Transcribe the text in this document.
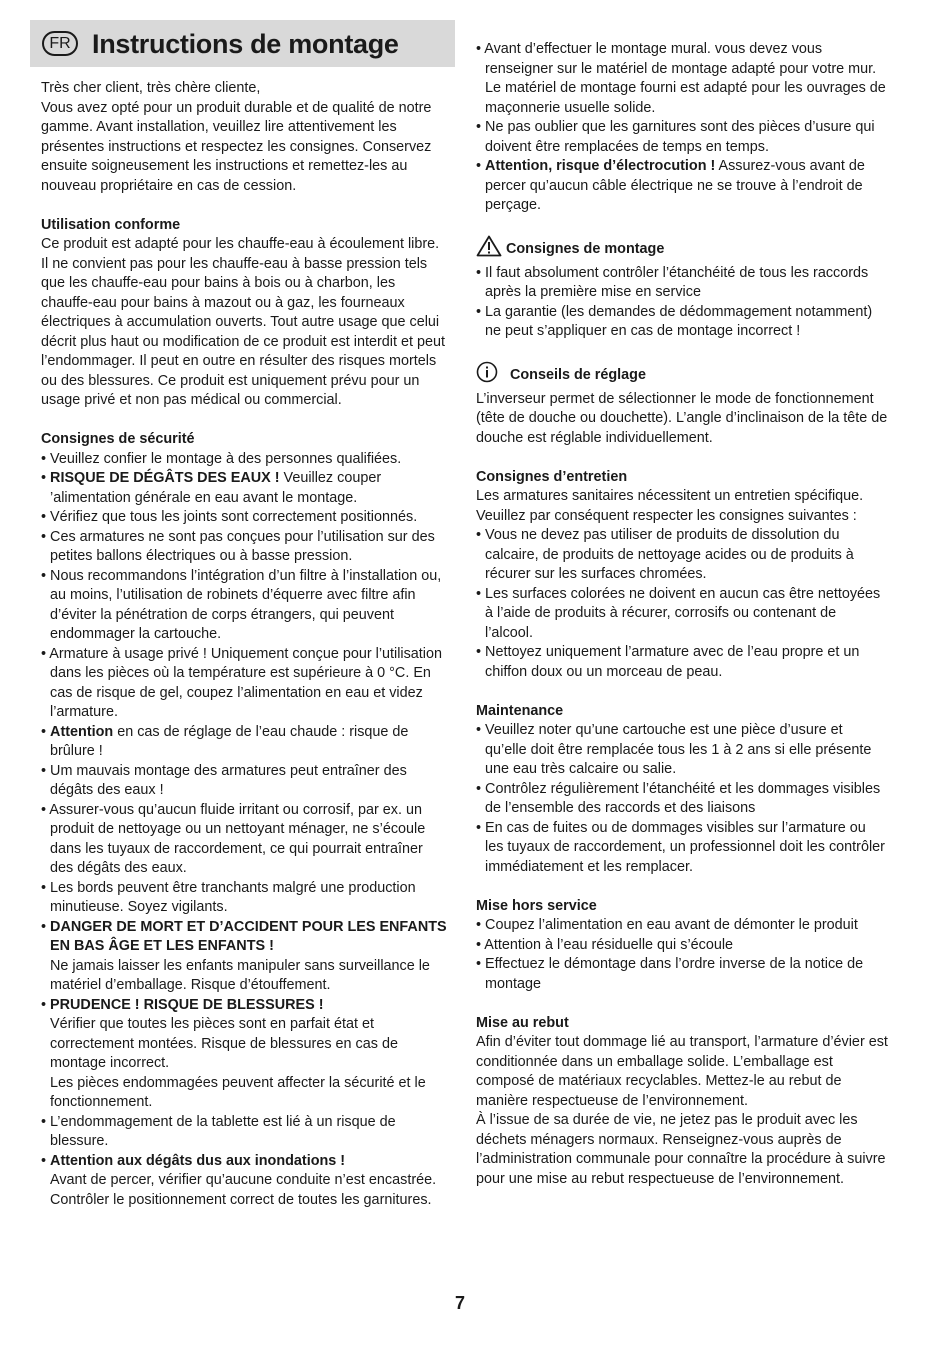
FR Instructions de montage

Très cher client, très chère cliente,

Vous avez opté pour un produit durable et de qualité de notre gamme. Avant installation, veuillez lire attentivement les présentes instructions et respectez les consignes. Conservez ensuite soigneusement les instructions et remettez-les au nouveau propriétaire en cas de cession.

Utilisation conforme

Ce produit est adapté pour les chauffe-eau à écoulement libre. Il ne convient pas pour les chauffe-eau à basse pression tels que les chauffe-eau pour bains à bois ou à charbon, les chauffe-eau pour bains à mazout ou à gaz, les fourneaux électriques à accumulation ouverts. Tout autre usage que celui décrit plus haut ou modification de ce produit est interdit et peut l’endommager. Il peut en outre en résulter des risques mortels ou des blessures. Ce produit est uniquement prévu pour un usage privé et non pas médical ou commercial.

Consignes de sécurité

• Veuillez confier le montage à des personnes qualifiées.
• RISQUE DE DÉGÂTS DES EAUX ! Veuillez couper ’alimentation générale en eau avant le montage.
• Vérifiez que tous les joints sont correctement positionnés.
• Ces armatures ne sont pas conçues pour l’utilisation sur des petites ballons électriques ou à basse pression.
• Nous recommandons l’intégration d’un filtre à l’installation ou, au moins, l’utilisation de robinets d’équerre avec filtre afin d’éviter la pénétration de corps étrangers, qui peuvent endommager la cartouche.
• Armature à usage privé ! Uniquement conçue pour l’utilisation dans les pièces où la température est supérieure à 0 °C. En cas de risque de gel, coupez l’alimentation en eau et videz l’armature.
• Attention en cas de réglage de l’eau chaude : risque de brûlure !
• Um mauvais montage des armatures peut entraîner des dégâts des eaux !
• Assurer-vous qu’aucun fluide irritant ou corrosif, par ex. un produit de nettoyage ou un nettoyant ménager, ne s’écoule dans les tuyaux de raccordement, ce qui pourrait entraîner des dégâts des eaux.
• Les bords peuvent être tranchants malgré une production minutieuse. Soyez vigilants.
• DANGER DE MORT ET D’ACCIDENT POUR LES ENFANTS EN BAS ÂGE ET LES ENFANTS !
Ne jamais laisser les enfants manipuler sans surveillance le matériel d’emballage. Risque d’étouffement.
• PRUDENCE ! RISQUE DE BLESSURES !
Vérifier que toutes les pièces sont en parfait état et correctement montées. Risque de blessures en cas de montage incorrect.
Les pièces endommagées peuvent affecter la sécurité et le fonctionnement.
• L’endommagement de la tablette est lié à un risque de blessure.
• Attention aux dégâts dus aux inondations !
Avant de percer, vérifier qu’aucune conduite n’est encastrée. Contrôler le positionnement correct de toutes les garnitures.
• Avant d’effectuer le montage mural. vous devez vous renseigner sur le matériel de montage adapté pour votre mur. Le matériel de montage fourni est adapté pour les ouvrages de maçonnerie usuelle solide.
• Ne pas oublier que les garnitures sont des pièces d’usure qui doivent être remplacées de temps en temps.
• Attention, risque d’électrocution ! Assurez-vous avant de percer qu’aucun câble électrique ne se trouve à l’endroit de perçage.

Consignes de montage

• Il faut absolument contrôler l’étanchéité de tous les raccords après la première mise en service
• La garantie (les demandes de dédommagement notamment) ne peut s’appliquer en cas de montage incorrect !

Conseils de réglage

L’inverseur permet de sélectionner le mode de fonctionnement (tête de douche ou douchette). L’angle d’inclinaison de la tête de douche est réglable individuellement.

Consignes d’entretien

Les armatures sanitaires nécessitent un entretien spécifique. Veuillez par conséquent respecter les consignes suivantes :

• Vous ne devez pas utiliser de produits de dissolution du calcaire, de produits de nettoyage acides ou de produits à récurer sur les surfaces chromées.
• Les surfaces colorées ne doivent en aucun cas être nettoyées à l’aide de produits à récurer, corrosifs ou contenant de l’alcool.
• Nettoyez uniquement l’armature avec de l’eau propre et un chiffon doux ou un morceau de peau.

Maintenance

• Veuillez noter qu’une cartouche est une pièce d’usure et qu’elle doit être remplacée tous les 1 à 2 ans si elle présente une eau très calcaire ou salie.
• Contrôlez régulièrement l’étanchéité et les dommages visibles de l’ensemble des raccords et des liaisons
• En cas de fuites ou de dommages visibles sur l’armature ou les tuyaux de raccordement, un professionnel doit les contrôler immédiatement et les remplacer.

Mise hors service

• Coupez l’alimentation en eau avant de démonter le produit
• Attention à l’eau résiduelle qui s’écoule
• Effectuez le démontage dans l’ordre inverse de la notice de montage

Mise au rebut

Afin d’éviter tout dommage lié au transport, l’armature d’évier est conditionnée dans un emballage solide. L’emballage est composé de matériaux recyclables. Mettez-le au rebut de manière respectueuse de l’environnement.

À l’issue de sa durée de vie, ne jetez pas le produit avec les déchets ménagers normaux. Renseignez-vous auprès de l’administration communale pour connaître la procédure à suivre pour une mise au rebut respectueuse de l’environnement.

7
